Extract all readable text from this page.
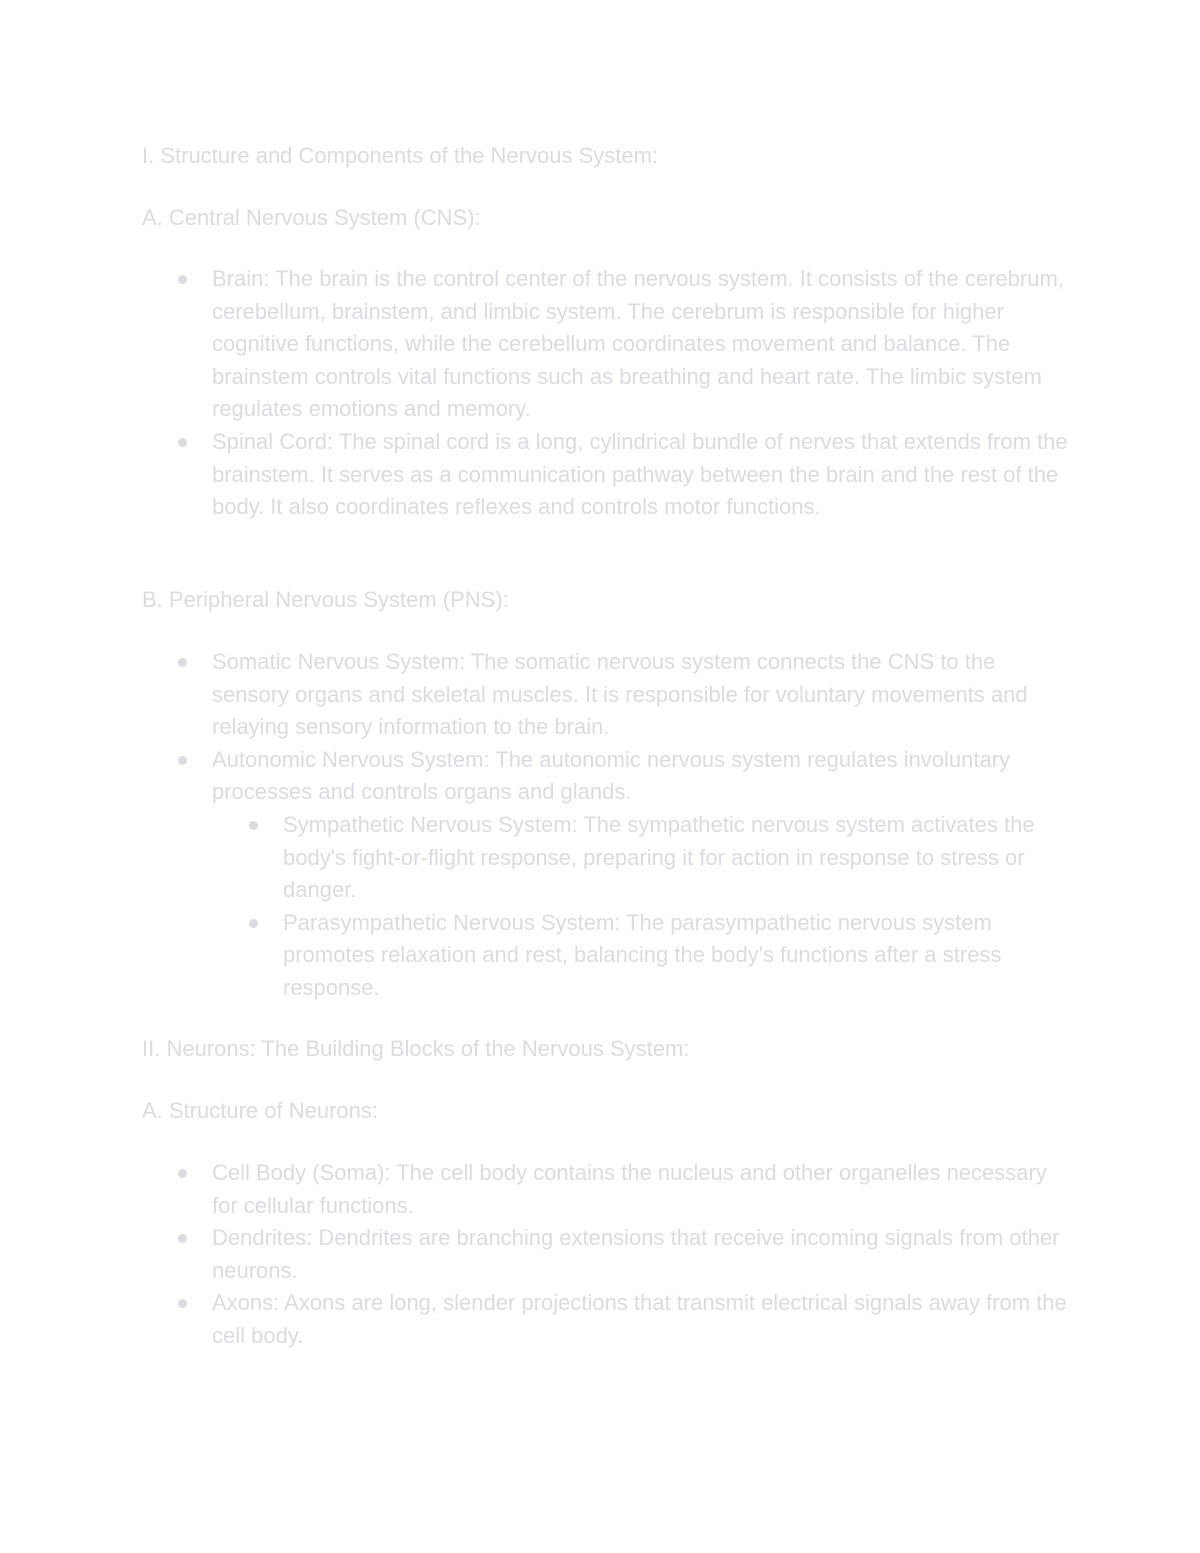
I. Structure and Components of the Nervous System:
A. Central Nervous System (CNS):
Brain: The brain is the control center of the nervous system. It consists of the cerebrum, cerebellum, brainstem, and limbic system. The cerebrum is responsible for higher cognitive functions, while the cerebellum coordinates movement and balance. The brainstem controls vital functions such as breathing and heart rate. The limbic system regulates emotions and memory.
Spinal Cord: The spinal cord is a long, cylindrical bundle of nerves that extends from the brainstem. It serves as a communication pathway between the brain and the rest of the body. It also coordinates reflexes and controls motor functions.
B. Peripheral Nervous System (PNS):
Somatic Nervous System: The somatic nervous system connects the CNS to the sensory organs and skeletal muscles. It is responsible for voluntary movements and relaying sensory information to the brain.
Autonomic Nervous System: The autonomic nervous system regulates involuntary processes and controls organs and glands.
Sympathetic Nervous System: The sympathetic nervous system activates the body's fight-or-flight response, preparing it for action in response to stress or danger.
Parasympathetic Nervous System: The parasympathetic nervous system promotes relaxation and rest, balancing the body's functions after a stress response.
II. Neurons: The Building Blocks of the Nervous System:
A. Structure of Neurons:
Cell Body (Soma): The cell body contains the nucleus and other organelles necessary for cellular functions.
Dendrites: Dendrites are branching extensions that receive incoming signals from other neurons.
Axons: Axons are long, slender projections that transmit electrical signals away from the cell body.
